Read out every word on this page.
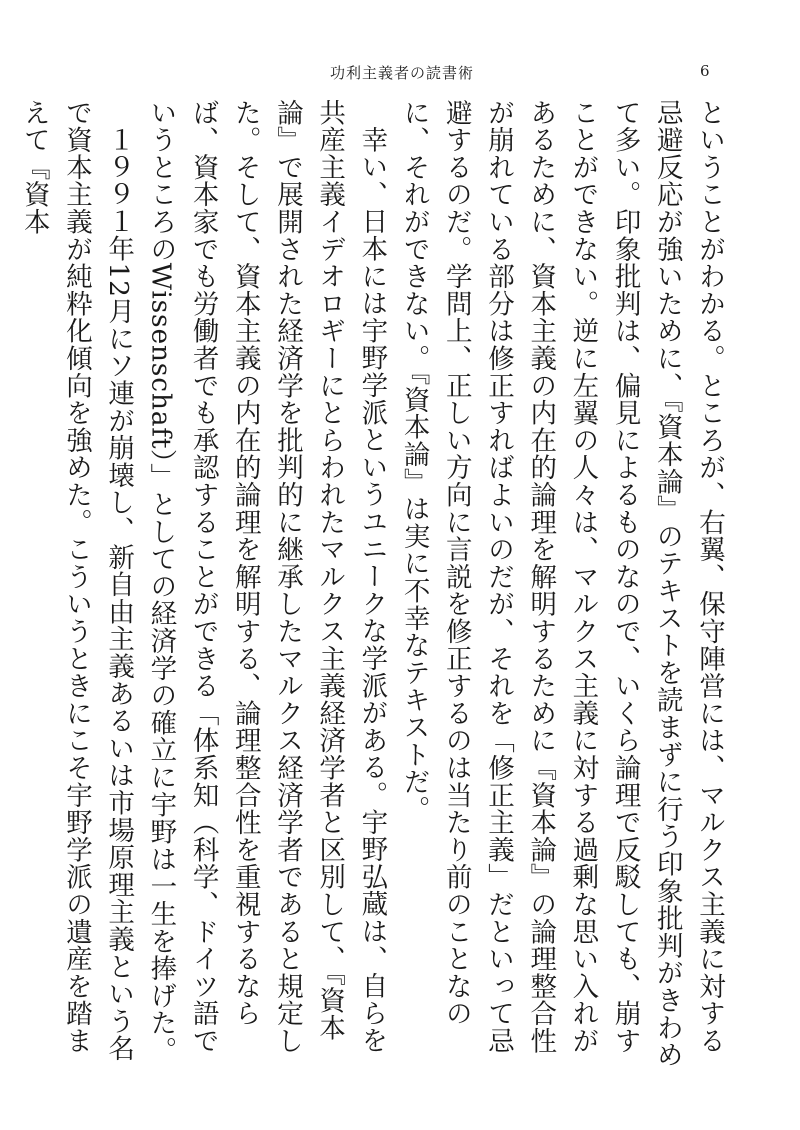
功利主義者の読書術	6

ということがわかる。ところが、右翼、保守陣営には、マルクス主義に対する忌避反応が強いために、『資本論』のテキストを読まずに行う印象批判がきわめて多い。印象批判は、偏見によるものなので、いくら論理で反駁しても、崩すことができない。逆に左翼の人々は、マルクス主義に対する過剰な思い入れがあるために、資本主義の内在的論理を解明するために『資本論』の論理整合性が崩れている部分は修正すればよいのだが、それを「修正主義」だといって忌避するのだ。学問上、正しい方向に言説を修正するのは当たり前のことなのに、それができない。『資本論』は実に不幸なテキストだ。

幸い、日本には宇野学派というユニークな学派がある。宇野弘蔵は、自らを共産主義イデオロギーにとらわれたマルクス主義経済学者と区別して、『資本論』で展開された経済学を批判的に継承したマルクス経済学者であると規定した。そして、資本主義の内在的論理を解明する、論理整合性を重視するならば、資本家でも労働者でも承認することができる「体系知（科学、ドイツ語でいうところのWissenschaft）」としての経済学の確立に宇野は一生を捧げた。

１９９１年12月にソ連が崩壊し、新自由主義あるいは市場原理主義という名で資本主義が純粋化傾向を強めた。こういうときにこそ宇野学派の遺産を踏まえて『資本
